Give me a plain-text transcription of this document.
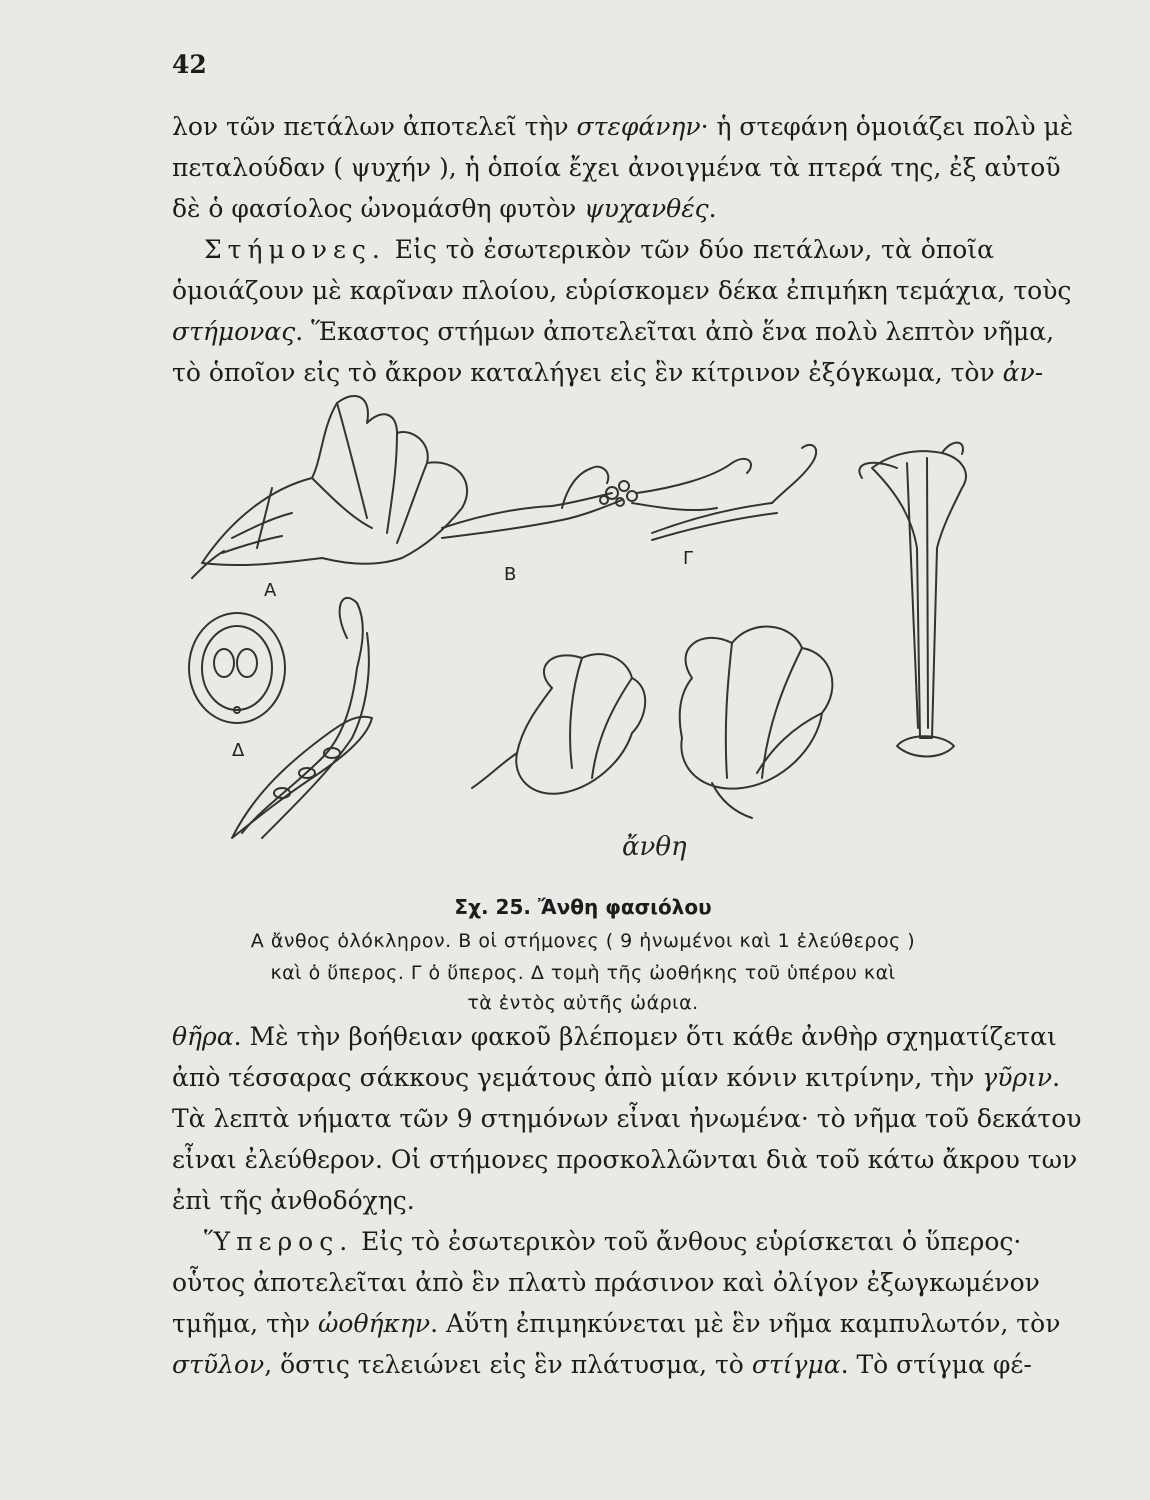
42
λον τῶν πετάλων ἀποτελεῖ τὴν στεφάνην· ἡ στεφάνη ὁμοιάζει πολὺ μὲ
πεταλούδαν ( ψυχήν ), ἡ ὁποία ἔχει ἀνοιγμένα τὰ πτερά της, ἐξ αὐτοῦ
δὲ ὁ φασίολος ὠνομάσθη φυτὸν ψυχανθές.
Στήμονες. Εἰς τὸ ἐσωτερικὸν τῶν δύο πετάλων, τὰ ὁποῖα
ὁμοιάζουν μὲ καρῖναν πλοίου, εὑρίσκομεν δέκα ἐπιμήκη τεμάχια, τοὺς
στήμονας. Ἕκαστος στήμων ἀποτελεῖται ἀπὸ ἕνα πολὺ λεπτὸν νῆμα,
τὸ ὁποῖον εἰς τὸ ἄκρον καταλήγει εἰς ἓν κίτρινον ἐξόγκωμα, τὸν ἀν-
Α
Β
Γ
Δ
ἄνθη
Σχ. 25. Ἄνθη φασιόλου
Α ἄνθος ὁλόκληρον. Β οἱ στήμονες ( 9 ἠνωμένοι καὶ 1 ἐλεύθερος )
καὶ ὁ ὕπερος. Γ ὁ ὕπερος. Δ τομὴ τῆς ὠοθήκης τοῦ ὑπέρου καὶ
τὰ ἐντὸς αὐτῆς ὠάρια.
θῆρα. Μὲ τὴν βοήθειαν φακοῦ βλέπομεν ὅτι κάθε ἀνθὴρ σχηματίζεται
ἀπὸ τέσσαρας σάκκους γεμάτους ἀπὸ μίαν κόνιν κιτρίνην, τὴν γῦριν.
Τὰ λεπτὰ νήματα τῶν 9 στημόνων εἶναι ἠνωμένα· τὸ νῆμα τοῦ δεκάτου
εἶναι ἐλεύθερον. Οἱ στήμονες προσκολλῶνται διὰ τοῦ κάτω ἄκρου των
ἐπὶ τῆς ἀνθοδόχης.
Ὕπερος. Εἰς τὸ ἐσωτερικὸν τοῦ ἄνθους εὑρίσκεται ὁ ὕπερος·
οὗτος ἀποτελεῖται ἀπὸ ἓν πλατὺ πράσινον καὶ ὀλίγον ἐξωγκωμένον
τμῆμα, τὴν ὠοθήκην. Αὕτη ἐπιμηκύνεται μὲ ἓν νῆμα καμπυλωτόν, τὸν
στῦλον, ὅστις τελειώνει εἰς ἓν πλάτυσμα, τὸ στίγμα. Τὸ στίγμα φέ-
